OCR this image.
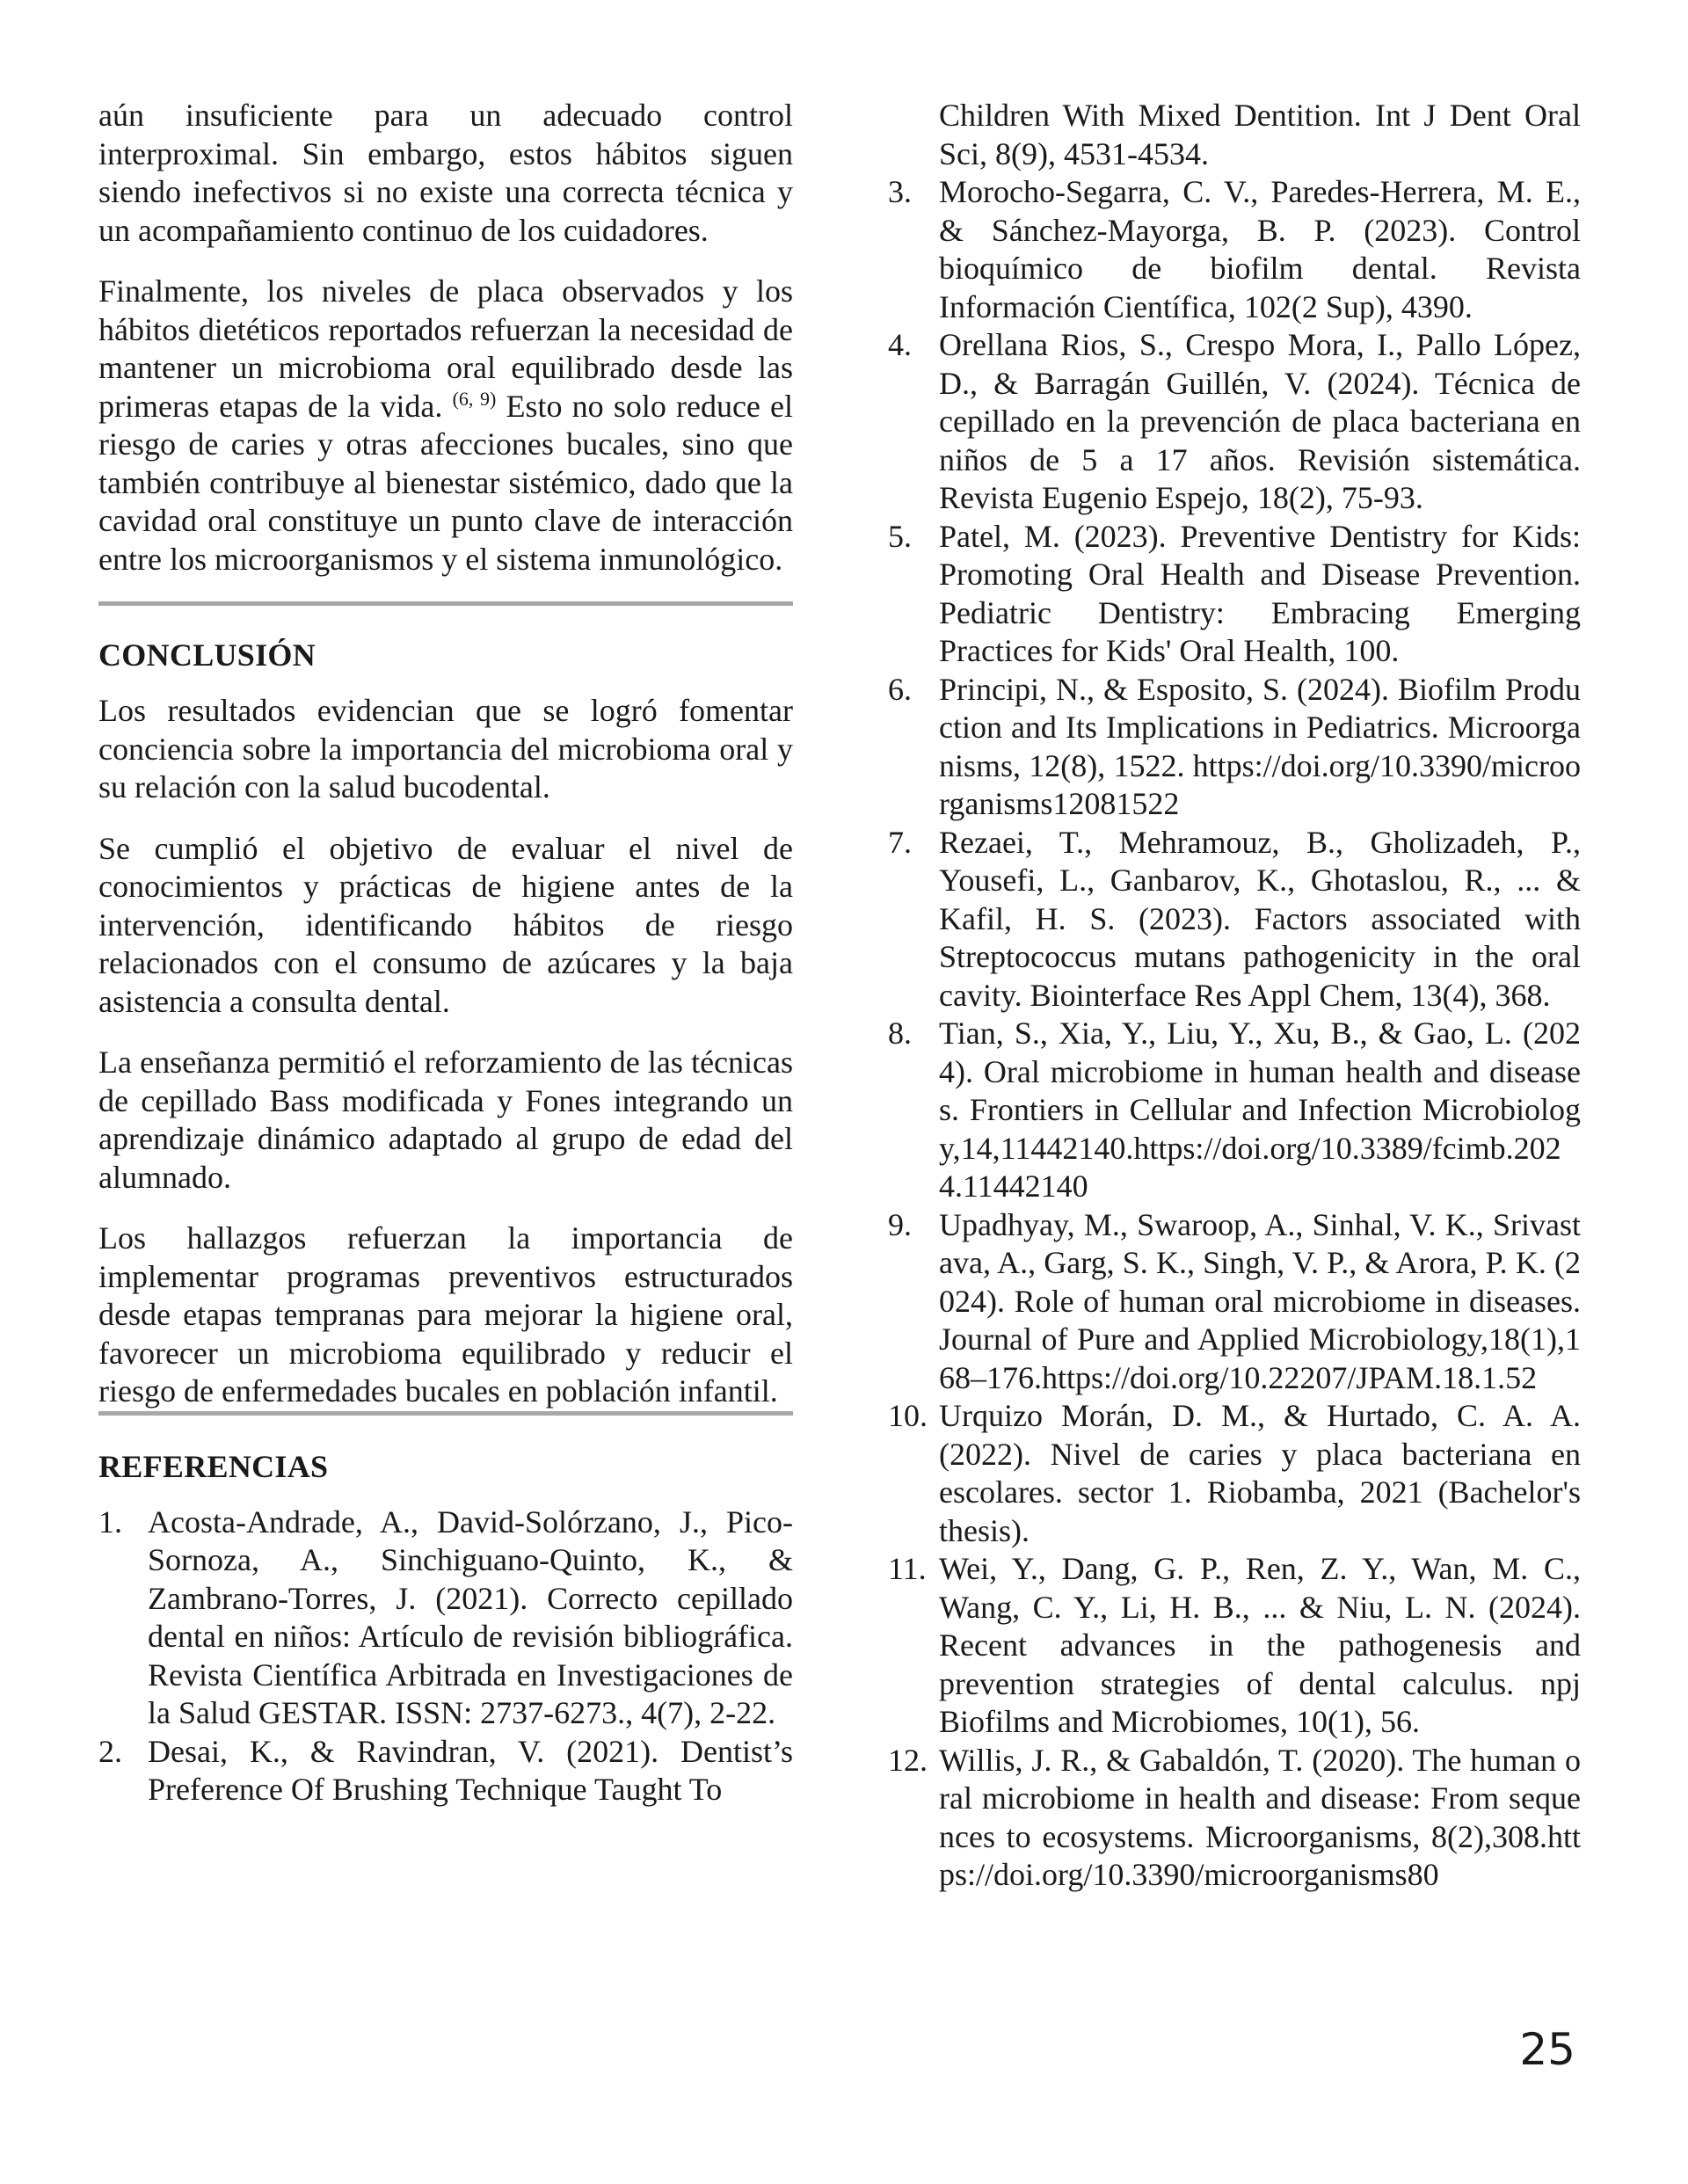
aún insuficiente para un adecuado control interproximal. Sin embargo, estos hábitos siguen siendo inefectivos si no existe una correcta técnica y un acompañamiento continuo de los cuidadores.

Finalmente, los niveles de placa observados y los hábitos dietéticos reportados refuerzan la necesidad de mantener un microbioma oral equilibrado desde las primeras etapas de la vida. $^{(6, 9)}$ Esto no solo reduce el riesgo de caries y otras afecciones bucales, sino que también contribuye al bienestar sistémico, dado que la cavidad oral constituye un punto clave de interacción entre los microorganismos y el sistema inmunológico.

CONCLUSIÓN

Los resultados evidencian que se logró fomentar conciencia sobre la importancia del microbioma oral y su relación con la salud bucodental.

Se cumplió el objetivo de evaluar el nivel de conocimientos y prácticas de higiene antes de la intervención, identificando hábitos de riesgo relacionados con el consumo de azúcares y la baja asistencia a consulta dental.

La enseñanza permitió el reforzamiento de las técnicas de cepillado Bass modificada y Fones integrando un aprendizaje dinámico adaptado al grupo de edad del alumnado.

Los hallazgos refuerzan la importancia de implementar programas preventivos estructurados desde etapas tempranas para mejorar la higiene oral, favorecer un microbioma equilibrado y reducir el riesgo de enfermedades bucales en población infantil.

REFERENCIAS
1. Acosta-Andrade, A., David-Solórzano, J., Pico-Sornoza, A., Sinchiguano-Quinto, K., & Zambrano-Torres, J. (2021). Correcto cepillado dental en niños: Artículo de revisión bibliográfica. Revista Científica Arbitrada en Investigaciones de la Salud GESTAR. ISSN: 2737-6273., 4(7), 2-22.
2. Desai, K., & Ravindran, V. (2021). Dentist’s Preference Of Brushing Technique Taught To
Children With Mixed Dentition. Int J Dent Oral Sci, 8(9), 4531-4534.
3. Morocho-Segarra, C. V., Paredes-Herrera, M. E., & Sánchez-Mayorga, B. P. (2023). Control bioquímico de biofilm dental. Revista Información Científica, 102(2 Sup), 4390.
4. Orellana Rios, S., Crespo Mora, I., Pallo López, D., & Barragán Guillén, V. (2024). Técnica de cepillado en la prevención de placa bacteriana en niños de 5 a 17 años. Revisión sistemática. Revista Eugenio Espejo, 18(2), 75-93.
5. Patel, M. (2023). Preventive Dentistry for Kids: Promoting Oral Health and Disease Prevention. Pediatric Dentistry: Embracing Emerging Practices for Kids' Oral Health, 100.
6. Principi, N., & Esposito, S. (2024). Biofilm Production and Its Implications in Pediatrics. Microorganisms, 12(8), 1522. https://doi.org/10.3390/microorganisms12081522
7. Rezaei, T., Mehramouz, B., Gholizadeh, P., Yousefi, L., Ganbarov, K., Ghotaslou, R., ... & Kafil, H. S. (2023). Factors associated with Streptococcus mutans pathogenicity in the oral cavity. Biointerface Res Appl Chem, 13(4), 368.
8. Tian, S., Xia, Y., Liu, Y., Xu, B., & Gao, L. (2024). Oral microbiome in human health and diseases. Frontiers in Cellular and Infection Microbiology,14,11442140.https://doi.org/10.3389/fcimb.2024.11442140
9. Upadhyay, M., Swaroop, A., Sinhal, V. K., Srivastava, A., Garg, S. K., Singh, V. P., & Arora, P. K. (2024). Role of human oral microbiome in diseases. Journal of Pure and Applied Microbiology,18(1),168–176.https://doi.org/10.22207/JPAM.18.1.52
10. Urquizo Morán, D. M., & Hurtado, C. A. A. (2022). Nivel de caries y placa bacteriana en escolares. sector 1. Riobamba, 2021 (Bachelor's thesis).
11. Wei, Y., Dang, G. P., Ren, Z. Y., Wan, M. C., Wang, C. Y., Li, H. B., ... & Niu, L. N. (2024). Recent advances in the pathogenesis and prevention strategies of dental calculus. npj Biofilms and Microbiomes, 10(1), 56.
12. Willis, J. R., & Gabaldón, T. (2020). The human oral microbiome in health and disease: From sequences to ecosystems. Microorganisms, 8(2),308.https://doi.org/10.3390/microorganisms80
25
